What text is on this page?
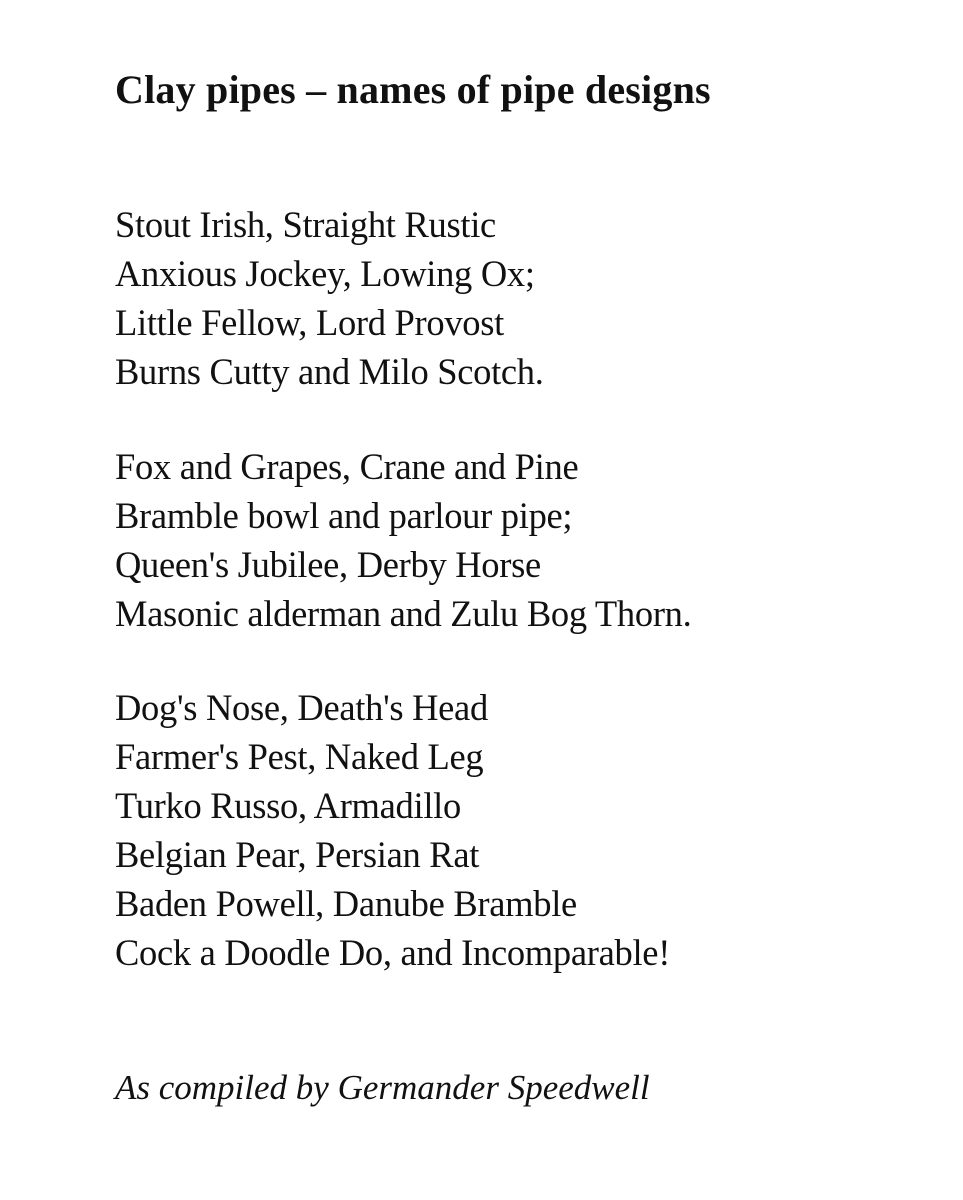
Clay pipes – names of pipe designs
Stout Irish, Straight Rustic
Anxious Jockey, Lowing Ox;
Little Fellow, Lord Provost
Burns Cutty and Milo Scotch.
Fox and Grapes, Crane and Pine
Bramble bowl and parlour pipe;
Queen's Jubilee, Derby Horse
Masonic alderman and Zulu Bog Thorn.
Dog's Nose, Death's Head
Farmer's Pest, Naked Leg
Turko Russo, Armadillo
Belgian Pear, Persian Rat
Baden Powell, Danube Bramble
Cock a Doodle Do, and Incomparable!

As compiled by Germander Speedwell
